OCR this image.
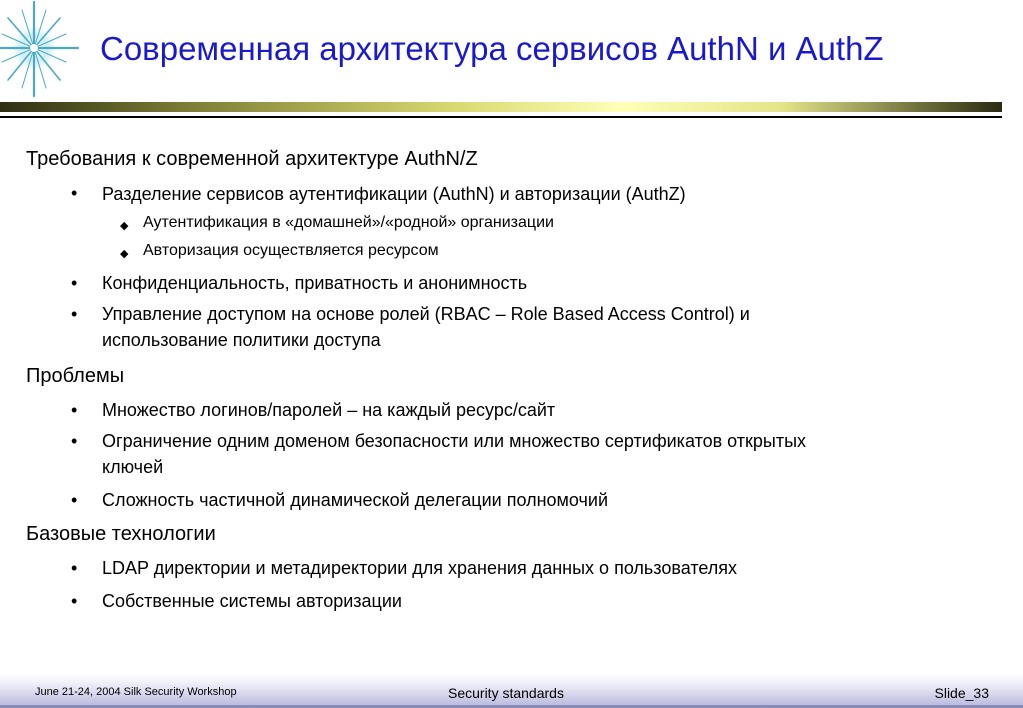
Современная архитектура сервисов AuthN и AuthZ
Требования к современной архитектуре AuthN/Z
• Разделение сервисов аутентификации (AuthN) и авторизации (AuthZ)
◆ Аутентификация в «домашней»/«родной» организации
◆ Авторизация осуществляется ресурсом
• Конфиденциальность, приватность и анонимность
• Управление доступом на основе ролей (RBAC – Role Based Access Control) и
использование политики доступа
Проблемы
• Множество логинов/паролей – на каждый ресурс/сайт
• Ограничение одним доменом безопасности или множество сертификатов открытых
ключей
• Сложность частичной динамической делегации полномочий
Базовые технологии
• LDAP директории и метадиректории для хранения данных о пользователях
• Собственные системы авторизации
June 21-24, 2004 Silk Security Workshop	Security standards	Slide_33
